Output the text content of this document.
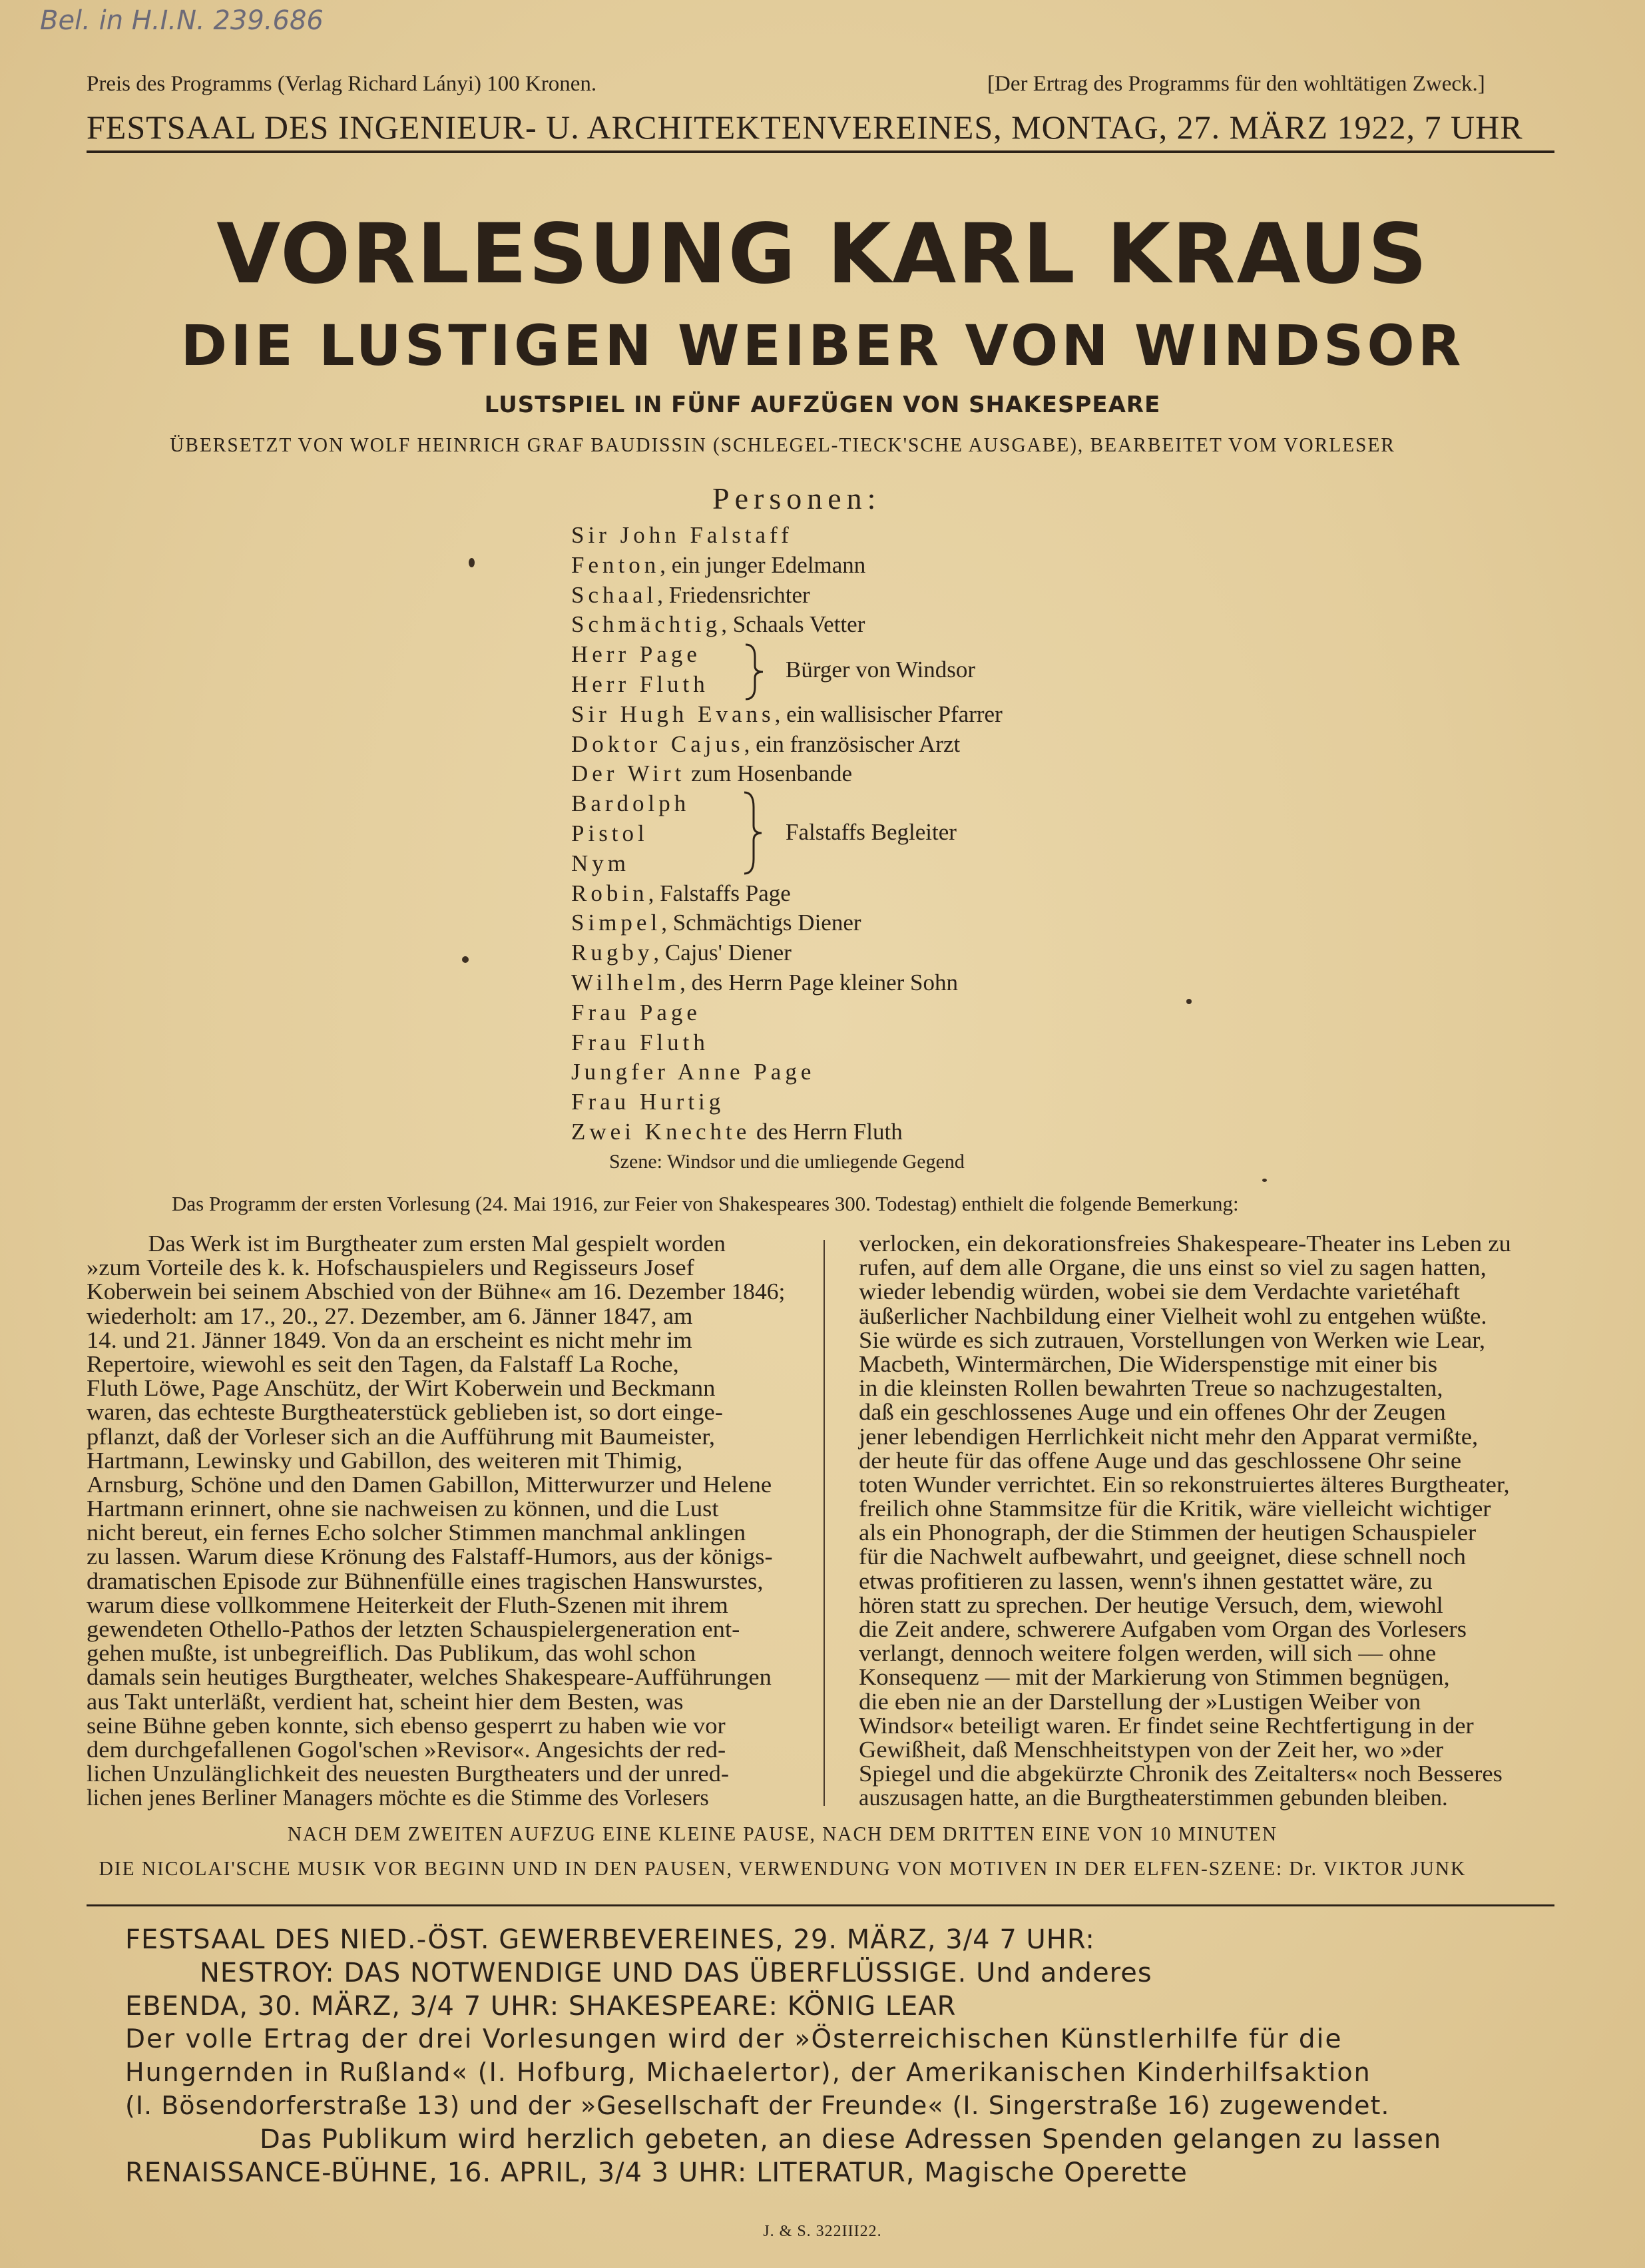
Bel. in H.I.N. 239.686
Preis des Programms (Verlag Richard Lányi) 100 Kronen.	[Der Ertrag des Programms für den wohltätigen Zweck.]
FESTSAAL DES INGENIEUR- U. ARCHITEKTENVEREINES, MONTAG, 27. MÄRZ 1922, 7 UHR
VORLESUNG KARL KRAUS
DIE LUSTIGEN WEIBER VON WINDSOR
LUSTSPIEL IN FÜNF AUFZÜGEN VON SHAKESPEARE
ÜBERSETZT VON WOLF HEINRICH GRAF BAUDISSIN (SCHLEGEL-TIECK'SCHE AUSGABE), BEARBEITET VOM VORLESER
Personen:
Sir John Falstaff
Fenton, ein junger Edelmann
Schaal, Friedensrichter
Schmächtig, Schaals Vetter
Herr Page
Herr Fluth
Sir Hugh Evans, ein wallisischer Pfarrer
Doktor Cajus, ein französischer Arzt
Der Wirt zum Hosenbande
Bardolph
Pistol
Nym
Robin, Falstaffs Page
Simpel, Schmächtigs Diener
Rugby, Cajus' Diener
Wilhelm, des Herrn Page kleiner Sohn
Frau Page
Frau Fluth
Jungfer Anne Page
Frau Hurtig
Zwei Knechte des Herrn Fluth
Bürger von Windsor
Falstaffs Begleiter
Szene: Windsor und die umliegende Gegend
Das Programm der ersten Vorlesung (24. Mai 1916, zur Feier von Shakespeares 300. Todestag) enthielt die folgende Bemerkung:
Das Werk ist im Burgtheater zum ersten Mal gespielt worden
»zum Vorteile des k. k. Hofschauspielers und Regisseurs Josef
Koberwein bei seinem Abschied von der Bühne« am 16. Dezember 1846;
wiederholt: am 17., 20., 27. Dezember, am 6. Jänner 1847, am
14. und 21. Jänner 1849. Von da an erscheint es nicht mehr im
Repertoire, wiewohl es seit den Tagen, da Falstaff La Roche,
Fluth Löwe, Page Anschütz, der Wirt Koberwein und Beckmann
waren, das echteste Burgtheaterstück geblieben ist, so dort einge-
pflanzt, daß der Vorleser sich an die Aufführung mit Baumeister,
Hartmann, Lewinsky und Gabillon, des weiteren mit Thimig,
Arnsburg, Schöne und den Damen Gabillon, Mitterwurzer und Helene
Hartmann erinnert, ohne sie nachweisen zu können, und die Lust
nicht bereut, ein fernes Echo solcher Stimmen manchmal anklingen
zu lassen. Warum diese Krönung des Falstaff-Humors, aus der königs-
dramatischen Episode zur Bühnenfülle eines tragischen Hanswurstes,
warum diese vollkommene Heiterkeit der Fluth-Szenen mit ihrem
gewendeten Othello-Pathos der letzten Schauspielergeneration ent-
gehen mußte, ist unbegreiflich. Das Publikum, das wohl schon
damals sein heutiges Burgtheater, welches Shakespeare-Aufführungen
aus Takt unterläßt, verdient hat, scheint hier dem Besten, was
seine Bühne geben konnte, sich ebenso gesperrt zu haben wie vor
dem durchgefallenen Gogol'schen »Revisor«. Angesichts der red-
lichen Unzulänglichkeit des neuesten Burgtheaters und der unred-
lichen jenes Berliner Managers möchte es die Stimme des Vorlesers
verlocken, ein dekorationsfreies Shakespeare-Theater ins Leben zu
rufen, auf dem alle Organe, die uns einst so viel zu sagen hatten,
wieder lebendig würden, wobei sie dem Verdachte varietéhaft
äußerlicher Nachbildung einer Vielheit wohl zu entgehen wüßte.
Sie würde es sich zutrauen, Vorstellungen von Werken wie Lear,
Macbeth, Wintermärchen, Die Widerspenstige mit einer bis
in die kleinsten Rollen bewahrten Treue so nachzugestalten,
daß ein geschlossenes Auge und ein offenes Ohr der Zeugen
jener lebendigen Herrlichkeit nicht mehr den Apparat vermißte,
der heute für das offene Auge und das geschlossene Ohr seine
toten Wunder verrichtet. Ein so rekonstruiertes älteres Burgtheater,
freilich ohne Stammsitze für die Kritik, wäre vielleicht wichtiger
als ein Phonograph, der die Stimmen der heutigen Schauspieler
für die Nachwelt aufbewahrt, und geeignet, diese schnell noch
etwas profitieren zu lassen, wenn's ihnen gestattet wäre, zu
hören statt zu sprechen. Der heutige Versuch, dem, wiewohl
die Zeit andere, schwerere Aufgaben vom Organ des Vorlesers
verlangt, dennoch weitere folgen werden, will sich — ohne
Konsequenz — mit der Markierung von Stimmen begnügen,
die eben nie an der Darstellung der »Lustigen Weiber von
Windsor« beteiligt waren. Er findet seine Rechtfertigung in der
Gewißheit, daß Menschheitstypen von der Zeit her, wo »der
Spiegel und die abgekürzte Chronik des Zeitalters« noch Besseres
auszusagen hatte, an die Burgtheaterstimmen gebunden bleiben.
NACH DEM ZWEITEN AUFZUG EINE KLEINE PAUSE, NACH DEM DRITTEN EINE VON 10 MINUTEN
DIE NICOLAI'SCHE MUSIK VOR BEGINN UND IN DEN PAUSEN, VERWENDUNG VON MOTIVEN IN DER ELFEN-SZENE: Dr. VIKTOR JUNK
FESTSAAL DES NIED.-ÖST. GEWERBEVEREINES, 29. MÄRZ, 3/4 7 UHR:
NESTROY: DAS NOTWENDIGE UND DAS ÜBERFLÜSSIGE. Und anderes
EBENDA, 30. MÄRZ, 3/4 7 UHR: SHAKESPEARE: KÖNIG LEAR
Der volle Ertrag der drei Vorlesungen wird der »Österreichischen Künstlerhilfe für die
Hungernden in Rußland« (I. Hofburg, Michaelertor), der Amerikanischen Kinderhilfsaktion
(I. Bösendorferstraße 13) und der »Gesellschaft der Freunde« (I. Singerstraße 16) zugewendet.
Das Publikum wird herzlich gebeten, an diese Adressen Spenden gelangen zu lassen
RENAISSANCE-BÜHNE, 16. APRIL, 3/4 3 UHR: LITERATUR, Magische Operette
J. & S. 322III22.
